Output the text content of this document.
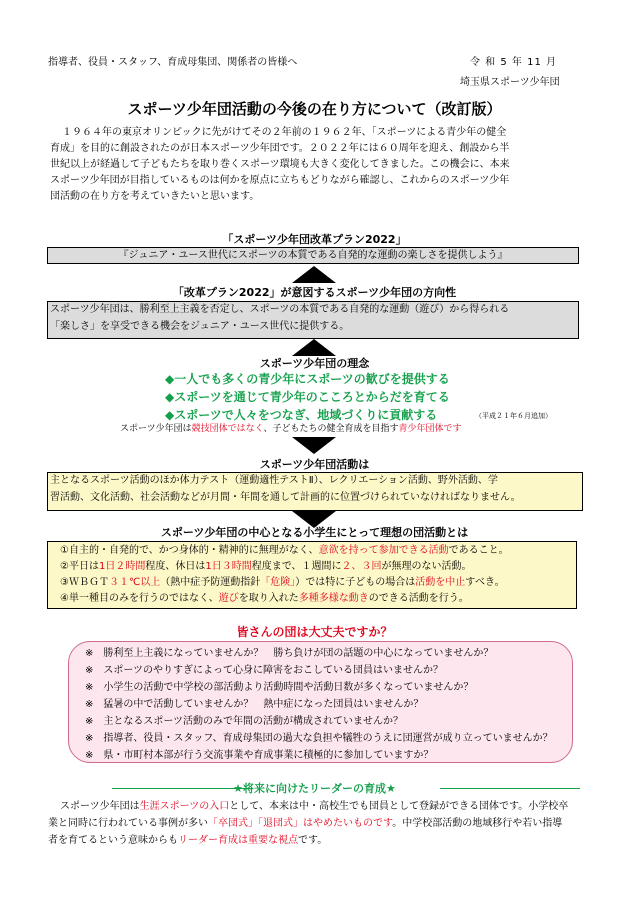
指導者、役員・スタッフ、育成母集団、関係者の皆様へ	令 和 5 年 11 月
埼玉県スポーツ少年団
スポーツ少年団活動の今後の在り方について（改訂版）
１９６４年の東京オリンピックに先がけてその２年前の１９６２年、「スポーツによる青少年の健全
育成」を目的に創設されたのが日本スポーツ少年団です。２０２２年には６０周年を迎え、創設から半
世紀以上が経過して子どもたちを取り巻くスポーツ環境も大きく変化してきました。この機会に、本来
スポーツ少年団が目指しているものは何かを原点に立ちもどりながら確認し、これからのスポーツ少年
団活動の在り方を考えていきたいと思います。
「スポーツ少年団改革プラン2022」
『ジュニア・ユース世代にスポーツの本質である自発的な運動の楽しさを提供しよう』
「改革プラン2022」が意図するスポーツ少年団の方向性
スポーツ少年団は、勝利至上主義を否定し、スポーツの本質である自発的な運動（遊び）から得られる
「楽しさ」を享受できる機会をジュニア・ユース世代に提供する。
スポーツ少年団の理念
◆一人でも多くの青少年にスポーツの歓びを提供する
◆スポーツを通じて青少年のこころとからだを育てる
◆スポーツで人々をつなぎ、地域づくりに貢献する	（平成２１年６月追加）
スポーツ少年団は競技団体ではなく、子どもたちの健全育成を目指す青少年団体です
スポーツ少年団活動は
主となるスポーツ活動のほか体力テスト（運動適性テストⅡ）、レクリエーション活動、野外活動、学
習活動、文化活動、社会活動などが月間・年間を通して計画的に位置づけられていなければなりません。
スポーツ少年団の中心となる小学生にとって理想の団活動とは
①自主的・自発的で、かつ身体的・精神的に無理がなく、意欲を持って参加できる活動であること。
②平日は1日２時間程度、休日は1日３時間程度まで、１週間に２、３回が無理のない活動。
③ＷＢＧＴ３１℃以上（熱中症予防運動指針「危険」）では特に子どもの場合は活動を中止すべき。
④単一種目のみを行うのではなく、遊びを取り入れた多種多様な動きのできる活動を行う。
皆さんの団は大丈夫ですか？
※　勝利至上主義になっていませんか？　勝ち負けが団の話題の中心になっていませんか？
※　スポーツのやりすぎによって心身に障害をおこしている団員はいませんか？
※　小学生の活動で中学校の部活動より活動時間や活動日数が多くなっていませんか？
※　猛暑の中で活動していませんか？　熱中症になった団員はいませんか？
※　主となるスポーツ活動のみで年間の活動が構成されていませんか？
※　指導者、役員・スタッフ、育成母集団の過大な負担や犠牲のうえに団運営が成り立っていませんか？
※　県・市町村本部が行う交流事業や育成事業に積極的に参加していますか？
★将来に向けたリーダーの育成★
スポーツ少年団は生涯スポーツの入口として、本来は中・高校生でも団員として登録ができる団体です。小学校卒
業と同時に行われている事例が多い「卒団式」「退団式」はやめたいものです。中学校部活動の地域移行や若い指導
者を育てるという意味からもリーダー育成は重要な視点です。
